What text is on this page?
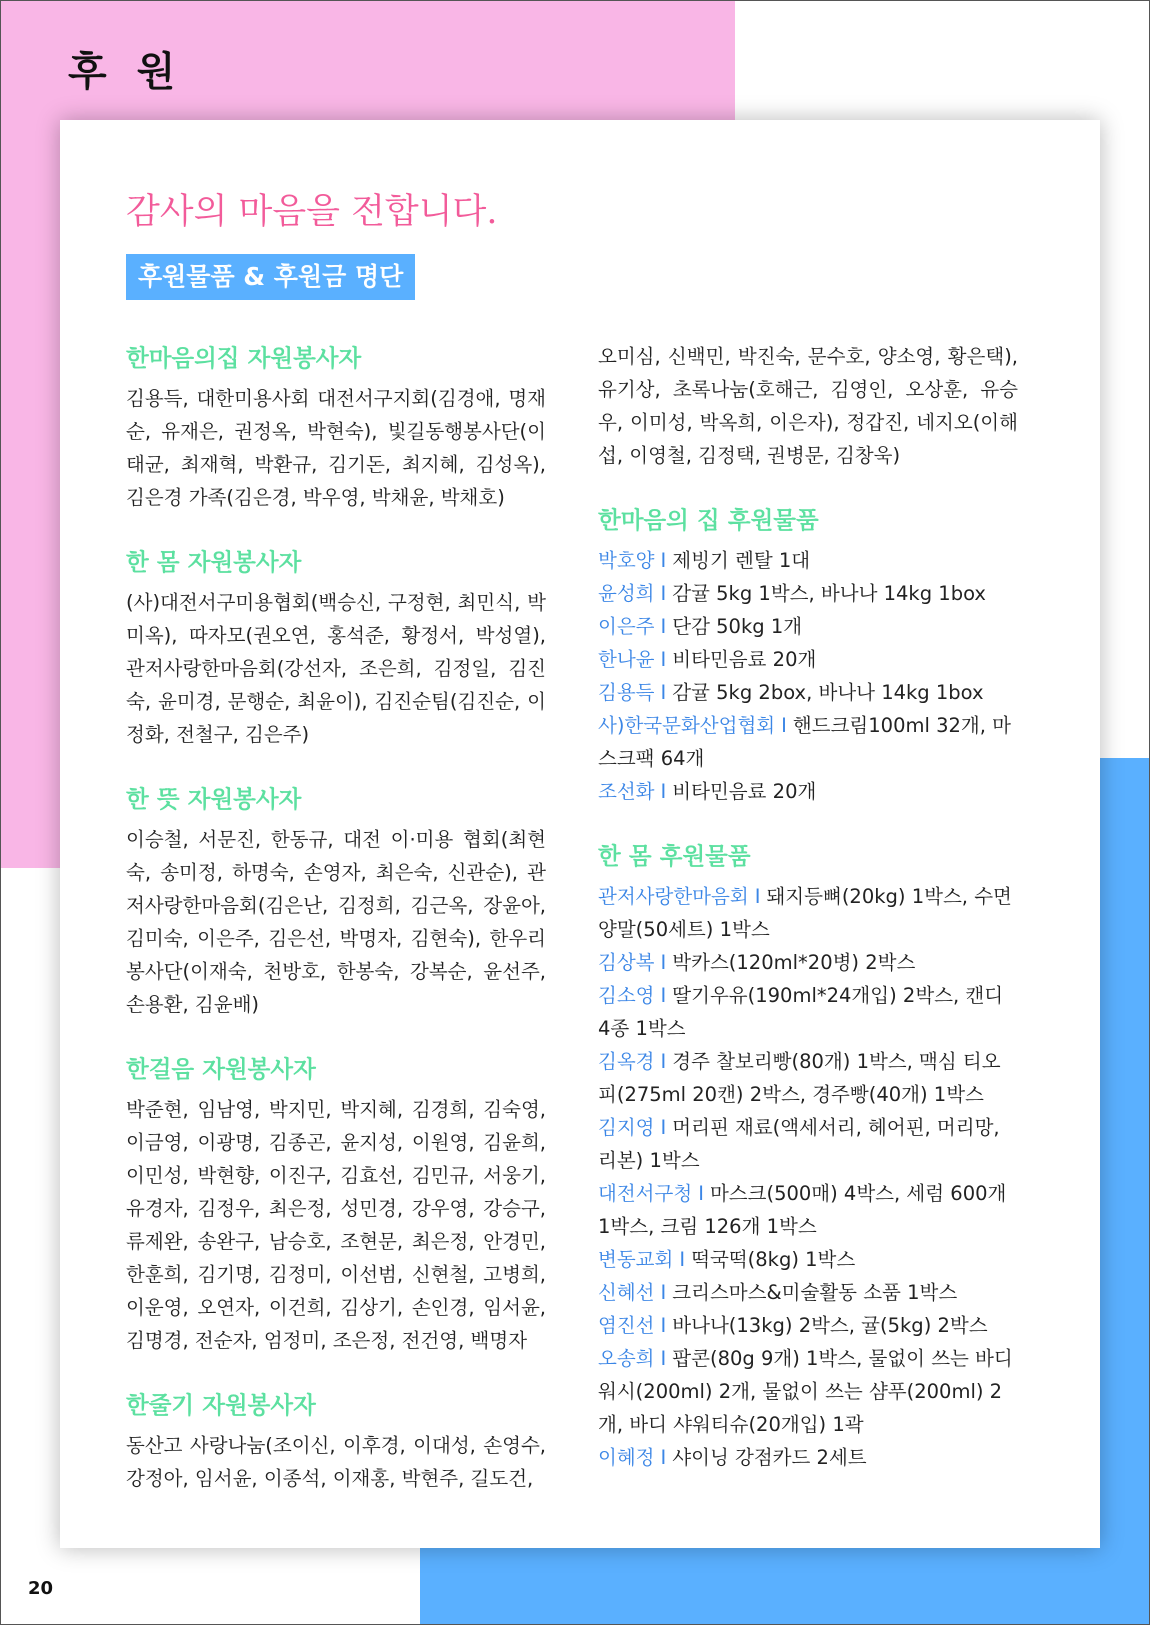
후 원
감사의 마음을 전합니다.
후원물품 & 후원금 명단

한마음의집 자원봉사자

김용득, 대한미용사회 대전서구지회(김경애, 명재순, 유재은, 권정옥, 박현숙), 빛길동행봉사단(이태균, 최재혁, 박환규, 김기돈, 최지혜, 김성옥), 김은경 가족(김은경, 박우영, 박채윤, 박채호)

한 몸 자원봉사자

(사)대전서구미용협회(백승신, 구정현, 최민식, 박미옥), 따자모(권오연, 홍석준, 황정서, 박성열), 관저사랑한마음회(강선자, 조은희, 김정일, 김진숙, 윤미경, 문행순, 최윤이), 김진순팀(김진순, 이정화, 전철구, 김은주)

한 뜻 자원봉사자

이승철, 서문진, 한동규, 대전 이·미용 협회(최현숙, 송미정, 하명숙, 손영자, 최은숙, 신관순), 관저사랑한마음회(김은난, 김정희, 김근옥, 장윤아, 김미숙, 이은주, 김은선, 박명자, 김현숙), 한우리 봉사단(이재숙, 천방호, 한봉숙, 강복순, 윤선주, 손용환, 김윤배)

한걸음 자원봉사자

박준현, 임남영, 박지민, 박지혜, 김경희, 김숙영, 이금영, 이광명, 김종곤, 윤지성, 이원영, 김윤희, 이민성, 박현향, 이진구, 김효선, 김민규, 서웅기, 유경자, 김정우, 최은정, 성민경, 강우영, 강승구, 류제완, 송완구, 남승호, 조현문, 최은정, 안경민, 한훈희, 김기명, 김정미, 이선범, 신현철, 고병희, 이운영, 오연자, 이건희, 김상기, 손인경, 임서윤, 김명경, 전순자, 엄정미, 조은정, 전건영, 백명자

한줄기 자원봉사자

동산고 사랑나눔(조이신, 이후경, 이대성, 손영수, 강정아, 임서윤, 이종석, 이재홍, 박현주, 길도건,

오미심, 신백민, 박진숙, 문수호, 양소영, 황은택), 유기상, 초록나눔(호해근, 김영인, 오상훈, 유승우, 이미성, 박옥희, 이은자), 정갑진, 네지오(이해섭, 이영철, 김정택, 권병문, 김창욱)

한마음의 집 후원물품

박호양 I 제빙기 렌탈 1대

윤성희 I 감귤 5kg 1박스, 바나나 14kg 1box

이은주 I 단감 50kg 1개

한나윤 I 비타민음료 20개

김용득 I 감귤 5kg 2box, 바나나 14kg 1box

사)한국문화산업협회 I 핸드크림100ml 32개, 마스크팩 64개

조선화 I 비타민음료 20개

한 몸 후원물품

관저사랑한마음회 I 돼지등뼈(20kg) 1박스, 수면양말(50세트) 1박스

김상복 I 박카스(120ml*20병) 2박스

김소영 I 딸기우유(190ml*24개입) 2박스, 캔디 4종 1박스

김옥경 I 경주 찰보리빵(80개) 1박스, 맥심 티오피(275ml 20캔) 2박스, 경주빵(40개) 1박스

김지영 I 머리핀 재료(액세서리, 헤어핀, 머리망, 리본) 1박스

대전서구청 I 마스크(500매) 4박스, 세럼 600개 1박스, 크림 126개 1박스

변동교회 I 떡국떡(8kg) 1박스

신혜선 I 크리스마스&미술활동 소품 1박스

염진선 I 바나나(13kg) 2박스, 귤(5kg) 2박스

오송희 I 팝콘(80g 9개) 1박스, 물없이 쓰는 바디워시(200ml) 2개, 물없이 쓰는 샴푸(200ml) 2개, 바디 샤워티슈(20개입) 1곽

이혜정 I 샤이닝 강점카드 2세트

20
